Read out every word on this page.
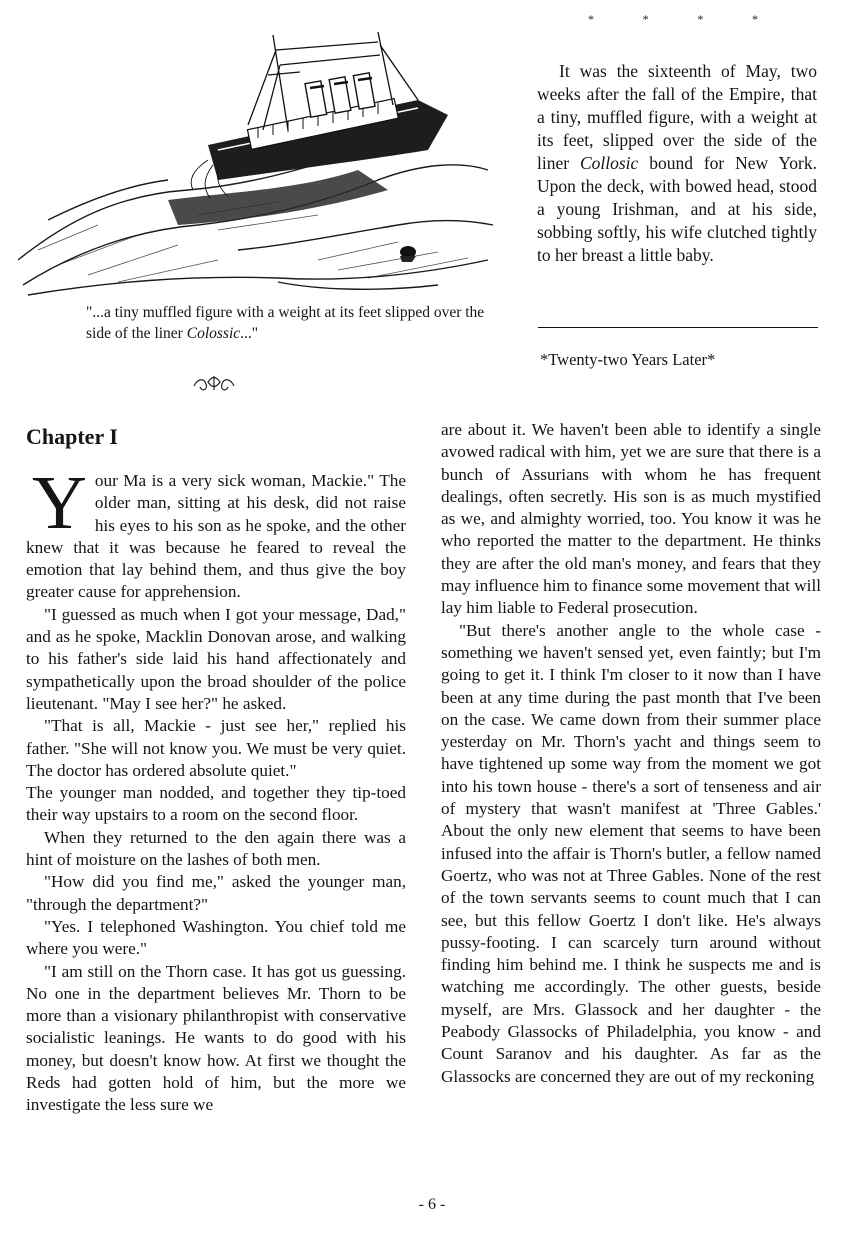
"...a tiny muffled figure with a weight at its feet slipped over the side of the liner Colossic..."
*	*	*	*

It was the sixteenth of May, two weeks after the fall of the Empire, that a tiny, muffled figure, with a weight at its feet, slipped over the side of the liner Collosic bound for New York. Upon the deck, with bowed head, stood a young Irishman, and at his side, sobbing softly, his wife clutched tightly to her breast a little baby.

*Twenty-two Years Later*
Chapter I

Your Ma is a very sick woman, Mackie." The older man, sitting at his desk, did not raise his eyes to his son as he spoke, and the other knew that it was because he feared to reveal the emotion that lay behind them, and thus give the boy greater cause for apprehension.

"I guessed as much when I got your message, Dad," and as he spoke, Macklin Donovan arose, and walking to his father's side laid his hand affectionately and sympathetically upon the broad shoulder of the police lieutenant. "May I see her?" he asked.

"That is all, Mackie - just see her," replied his father. "She will not know you. We must be very quiet. The doctor has ordered absolute quiet."

The younger man nodded, and together they tip-toed their way upstairs to a room on the second floor.

When they returned to the den again there was a hint of moisture on the lashes of both men.

"How did you find me," asked the younger man, "through the department?"

"Yes. I telephoned Washington. You chief told me where you were."

"I am still on the Thorn case. It has got us guessing. No one in the department believes Mr. Thorn to be more than a visionary philanthropist with conservative socialistic leanings. He wants to do good with his money, but doesn't know how. At first we thought the Reds had gotten hold of him, but the more we investigate the less sure we

are about it. We haven't been able to identify a single avowed radical with him, yet we are sure that there is a bunch of Assurians with whom he has frequent dealings, often secretly. His son is as much mystified as we, and almighty worried, too. You know it was he who reported the matter to the department. He thinks they are after the old man's money, and fears that they may influence him to finance some movement that will lay him liable to Federal prosecution.

"But there's another angle to the whole case - something we haven't sensed yet, even faintly; but I'm going to get it. I think I'm closer to it now than I have been at any time during the past month that I've been on the case. We came down from their summer place yesterday on Mr. Thorn's yacht and things seem to have tightened up some way from the moment we got into his town house - there's a sort of tenseness and air of mystery that wasn't manifest at 'Three Gables.' About the only new element that seems to have been infused into the affair is Thorn's butler, a fellow named Goertz, who was not at Three Gables. None of the rest of the town servants seems to count much that I can see, but this fellow Goertz I don't like. He's always pussy-footing. I can scarcely turn around without finding him behind me. I think he suspects me and is watching me accordingly. The other guests, beside myself, are Mrs. Glassock and her daughter - the Peabody Glassocks of Philadelphia, you know - and Count Saranov and his daughter. As far as the Glassocks are concerned they are out of my reckoning

- 6 -
